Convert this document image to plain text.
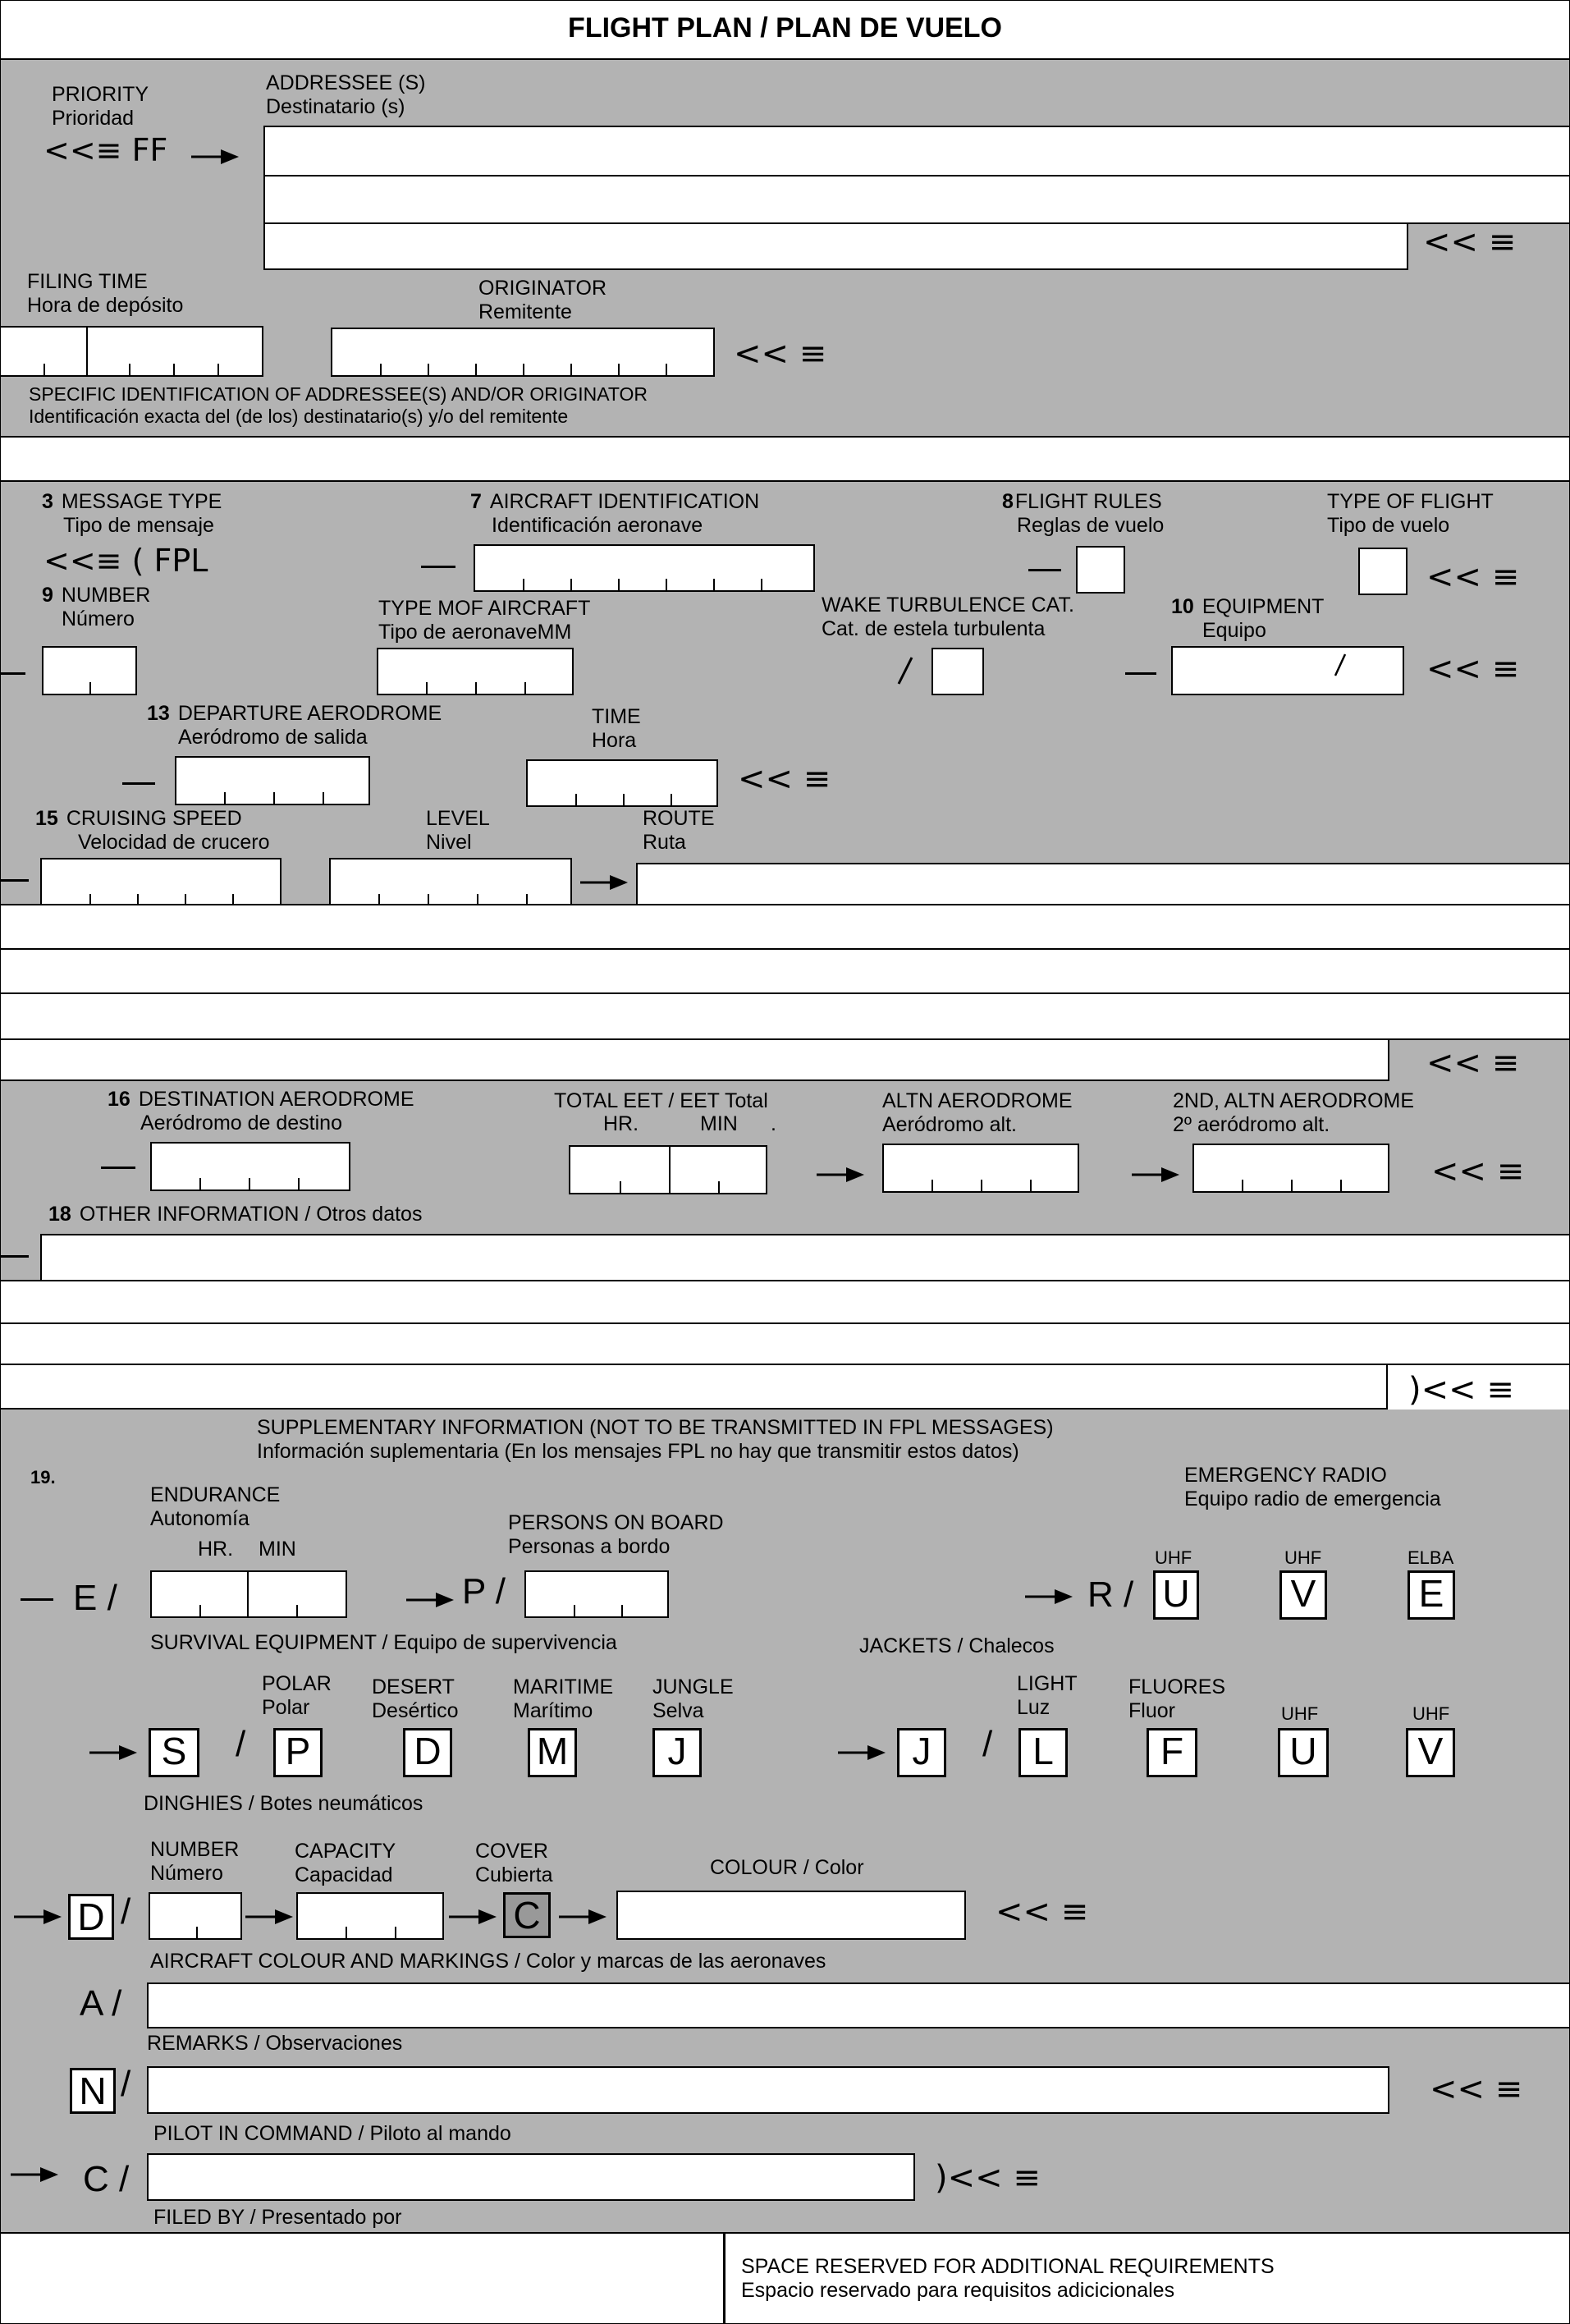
FLIGHT PLAN / PLAN DE VUELO
PRIORITY
Prioridad
ADDRESSEE (S)
Destinatario (s)
<<≡ FF
<< ≡
FILING TIME
Hora de depósito
ORIGINATOR
Remitente
<< ≡
SPECIFIC IDENTIFICATION OF ADDRESSEE(S) AND/OR ORIGINATOR
Identificación exacta del (de los) destinatario(s) y/o del remitente
3 MESSAGE TYPE
Tipo de mensaje
<<≡ ( FPL
7 AIRCRAFT IDENTIFICATION
Identificación aeronave
8FLIGHT RULES
Reglas de vuelo
TYPE OF FLIGHT
Tipo de vuelo
<< ≡
9 NUMBER
Número	TYPE MOF AIRCRAFT
Tipo de aeronaveMM
WAKE TURBULENCE CAT.
Cat. de estela turbulenta
10 EQUIPMENT
Equipo
<< ≡
13 DEPARTURE AERODROME
Aeródromo de salida
TIME
Hora
<< ≡
15 CRUISING SPEED
Velocidad de crucero
LEVEL
Nivel
ROUTE
Ruta
<< ≡
16 DESTINATION AERODROME
Aeródromo de destino
TOTAL EET / EET Total
HR.	MIN .
ALTN AERODROME
Aeródromo alt.
2ND, ALTN AERODROME
2º aeródromo alt.
<< ≡
18 OTHER INFORMATION / Otros datos
)<< ≡
SUPPLEMENTARY INFORMATION (NOT TO BE TRANSMITTED IN FPL MESSAGES)
Información suplementaria (En los mensajes FPL no hay que transmitir estos datos)
19.
ENDURANCE
Autonomía
HR. MIN
E /
PERSONS ON BOARD
Personas a bordo
P /
EMERGENCY RADIO
Equipo radio de emergencia
R /
UHF
U
UHF
V
ELBA
E
SURVIVAL EQUIPMENT / Equipo de supervivencia	JACKETS / Chalecos
S	/
POLAR
Polar
P
DESERT
Desértico
D
MARITIME
Marítimo
M
JUNGLE
Selva
J	J	/
LIGHT
Luz
L
FLUORES
Fluor
F
UHF
U
UHF
V
DINGHIES / Botes neumáticos
NUMBER
Número
CAPACITY
Capacidad
COVER
Cubierta	COLOUR / Color
D /	C	<< ≡
AIRCRAFT COLOUR AND MARKINGS / Color y marcas de las aeronaves
A /
REMARKS / Observaciones
N /	<< ≡
PILOT IN COMMAND / Piloto al mando
C /	)<< ≡
FILED BY / Presentado por
SPACE RESERVED FOR ADDITIONAL REQUIREMENTS
Espacio reservado para requisitos adicicionales
